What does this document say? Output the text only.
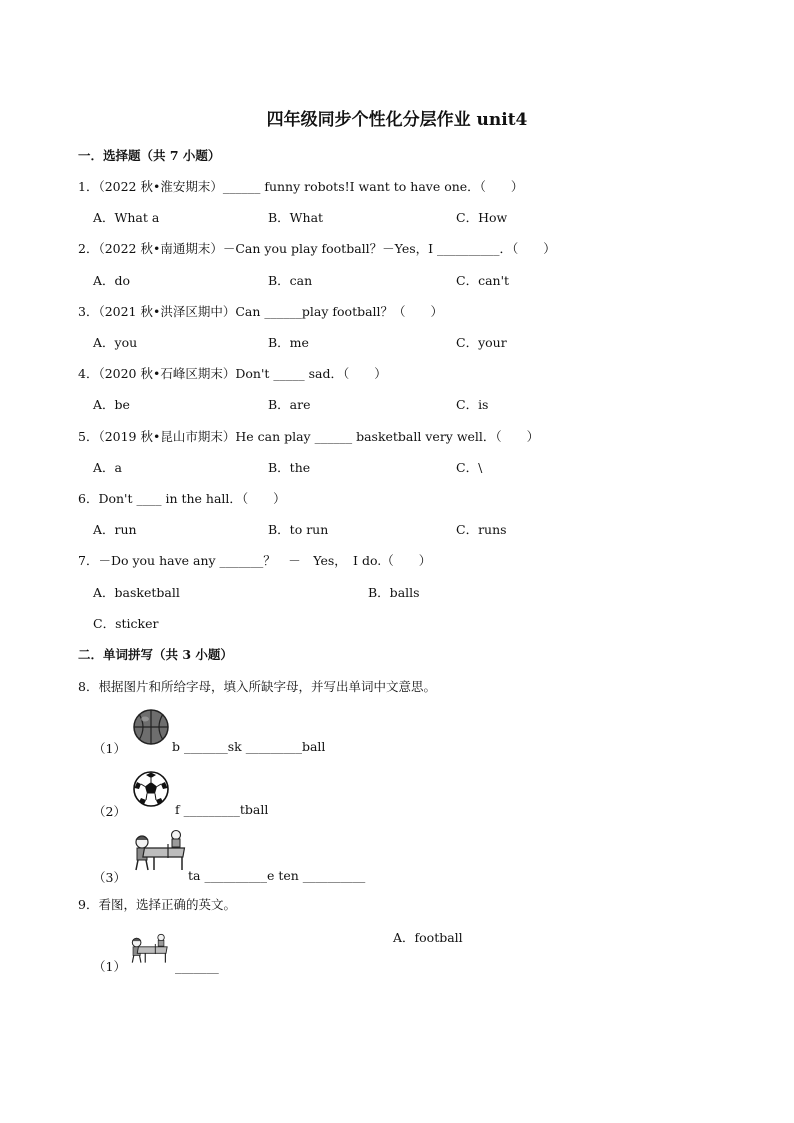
四年级同步个性化分层作业 unit4
一．选择题（共 7 小题）
1．（2022 秋•淮安期末）______ funny robots!I want to have one．（　　）
A．What a	B．What	C．How
2．（2022 秋•南通期末）－Can you play football？－Yes，I __________．（　　）
A．do	B．can	C．can't
3．（2021 秋•洪泽区期中）Can ______play football？（　　）
A．you	B．me	C．your
4．（2020 秋•石峰区期末）Don't _____ sad．（　　）
A．be	B．are	C．is
5．（2019 秋•昆山市期末）He can play ______ basketball very well．（　　）
A．a	B．the	C．\
6．Don't ____ in the hall．（　　）
A．run	B．to run	C．runs
7．－Do you have any _______？　－　Yes，　I do.（　　）
A．basketball	B．balls
C．sticker
二．单词拼写（共 3 小题）
8．根据图片和所给字母，填入所缺字母，并写出单词中文意思。
（1）	b _______sk _________ball
（2）	f _________tball
（3）	ta __________e ten __________
9．看图，选择正确的英文。
A．football
（1）	_______
